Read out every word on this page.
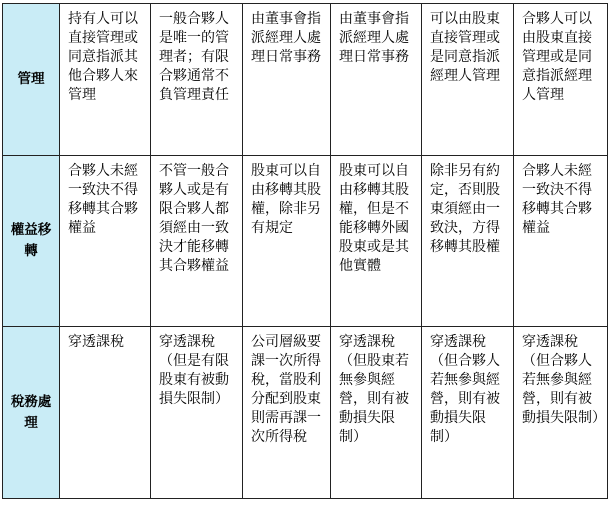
管理	持有人可以直接管理或同意指派其他合夥人來管理	一般合夥人是唯一的管理者；有限合夥通常不負管理責任	由董事會指派經理人處理日常事務	由董事會指派經理人處理日常事務	可以由股東直接管理或是同意指派經理人管理	合夥人可以由股東直接管理或是同意指派經理人管理
權益移轉	合夥人未經一致決不得移轉其合夥權益	不管一般合夥人或是有限合夥人都須經由一致決才能移轉其合夥權益	股東可以自由移轉其股權，除非另有規定	股東可以自由移轉其股權，但是不能移轉外國股東或是其他實體	除非另有約定，否則股東須經由一致決，方得移轉其股權	合夥人未經一致決不得移轉其合夥權益
稅務處理	穿透課稅	穿透課稅（但是有限股東有被動損失限制）	公司層級要課一次所得稅，當股利分配到股東則需再課一次所得稅	穿透課稅（但股東若無參與經營，則有被動損失限制）	穿透課稅（但合夥人若無參與經營，則有被動損失限制）	穿透課稅（但合夥人若無參與經營，則有被動損失限制）
